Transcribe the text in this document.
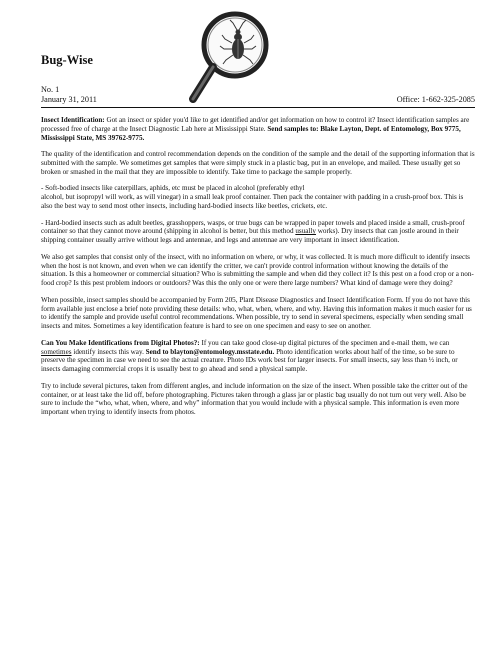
Bug-Wise
No. 1
January 31, 2011	Office: 1-662-325-2085

Insect Identification: Got an insect or spider you'd like to get identified and/or get information on how to control it? Insect identification samples are processed free of charge at the Insect Diagnostic Lab here at Mississippi State. Send samples to: Blake Layton, Dept. of Entomology, Box 9775, Mississippi State, MS 39762-9775.

The quality of the identification and control recommendation depends on the condition of the sample and the detail of the supporting information that is submitted with the sample. We sometimes get samples that were simply stuck in a plastic bag, put in an envelope, and mailed. These usually get so broken or smashed in the mail that they are impossible to identify. Take time to package the sample properly.

- Soft-bodied insects like caterpillars, aphids, etc must be placed in alcohol (preferably ethyl

alcohol, but isopropyl will work, as will vinegar) in a small leak proof container. Then pack the container with padding in a crush-proof box. This is also the best way to send most other insects, including hard-bodied insects like beetles, crickets, etc.

- Hard-bodied insects such as adult beetles, grasshoppers, wasps, or true bugs can be wrapped in paper towels and placed inside a small, crush-proof container so that they cannot move around (shipping in alcohol is better, but this method usually works). Dry insects that can jostle around in their shipping container usually arrive without legs and antennae, and legs and antennae are very important in insect identification.

We also get samples that consist only of the insect, with no information on where, or why, it was collected. It is much more difficult to identify insects when the host is not known, and even when we can identify the critter, we can't provide control information without knowing the details of the situation. Is this a homeowner or commercial situation? Who is submitting the sample and when did they collect it? Is this pest on a food crop or a non-food crop? Is this pest problem indoors or outdoors? Was this the only one or were there large numbers? What kind of damage were they doing?

When possible, insect samples should be accompanied by Form 205, Plant Disease Diagnostics and Insect Identification Form. If you do not have this form available just enclose a brief note providing these details: who, what, when, where, and why. Having this information makes it much easier for us to identify the sample and provide useful control recommendations. When possible, try to send in several specimens, especially when sending small insects and mites. Sometimes a key identification feature is hard to see on one specimen and easy to see on another.

Can You Make Identifications from Digital Photos?: If you can take good close-up digital pictures of the specimen and e-mail them, we can sometimes identify insects this way. Send to blayton@entomology.msstate.edu. Photo identification works about half of the time, so be sure to preserve the specimen in case we need to see the actual creature. Photo IDs work best for larger insects. For small insects, say less than ½ inch, or insects damaging commercial crops it is usually best to go ahead and send a physical sample.

Try to include several pictures, taken from different angles, and include information on the size of the insect. When possible take the critter out of the container, or at least take the lid off, before photographing. Pictures taken through a glass jar or plastic bag usually do not turn out very well. Also be sure to include the “who, what, when, where, and why” information that you would include with a physical sample. This information is even more important when trying to identify insects from photos.
